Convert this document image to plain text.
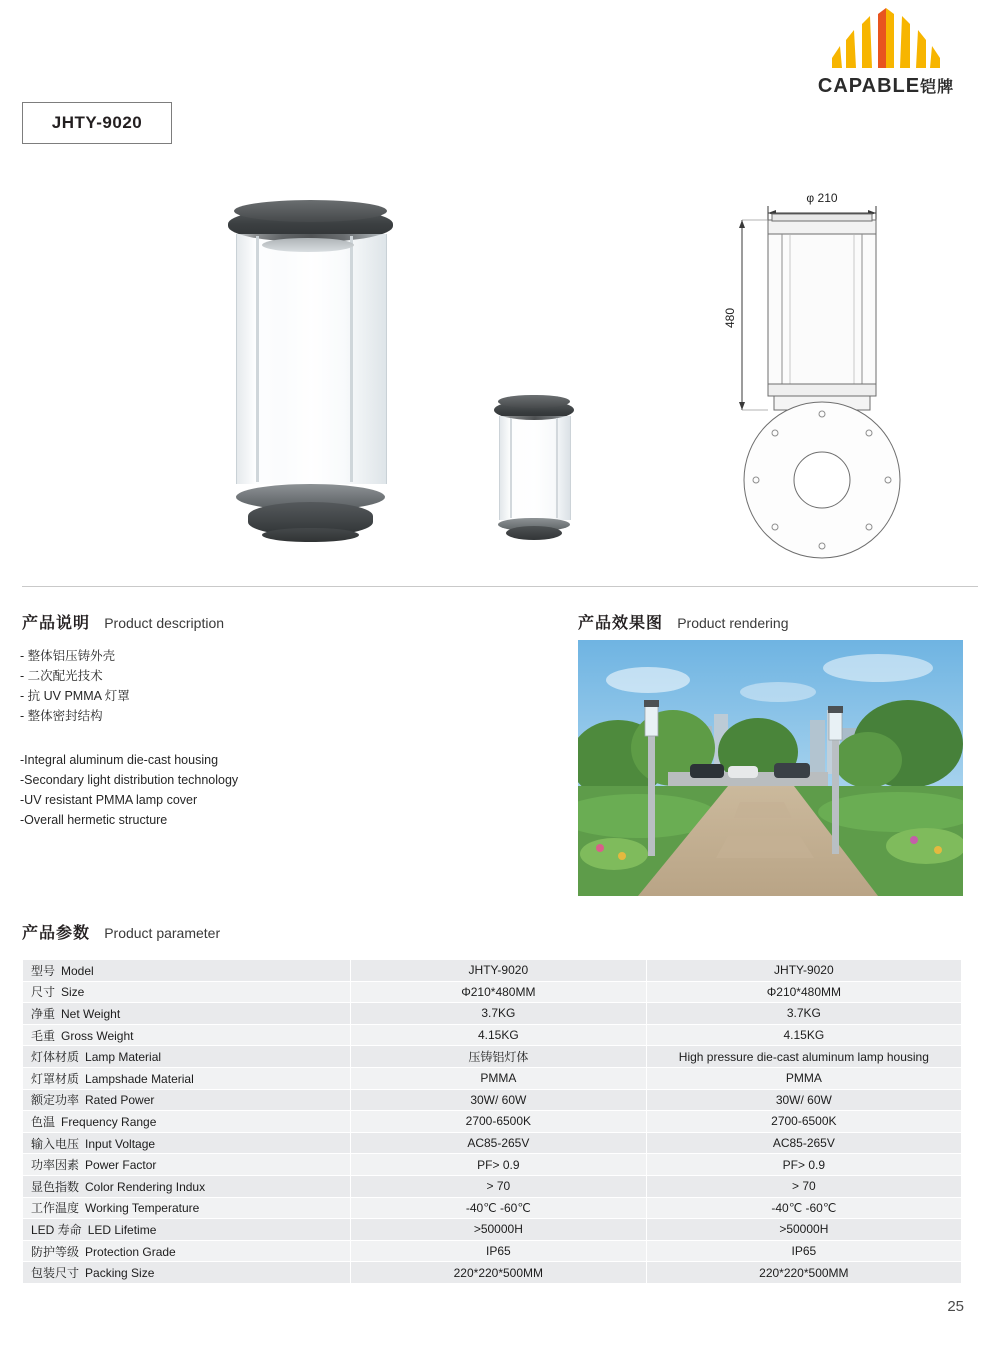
CAPABLE铠牌
JHTY-9020
φ 210
480
产品说明 Product description
- 整体铝压铸外壳
- 二次配光技术
- 抗 UV PMMA 灯罩
- 整体密封结构
-Integral aluminum die-cast housing
-Secondary light distribution technology
-UV resistant PMMA lamp cover
-Overall hermetic structure
产品效果图 Product rendering
产品参数 Product parameter
型号 Model	JHTY-9020	JHTY-9020
尺寸 Size	Φ210*480MM	Φ210*480MM
净重 Net Weight	3.7KG	3.7KG
毛重 Gross Weight	4.15KG	4.15KG
灯体材质 Lamp Material	压铸铝灯体	High pressure die-cast aluminum lamp housing
灯罩材质 Lampshade Material	PMMA	PMMA
额定功率 Rated Power	30W/ 60W	30W/ 60W
色温 Frequency Range	2700-6500K	2700-6500K
输入电压 Input Voltage	AC85-265V	AC85-265V
功率因素 Power Factor	PF> 0.9	PF> 0.9
显色指数 Color Rendering Indux	> 70	> 70
工作温度 Working Temperature	-40℃ -60℃	-40℃ -60℃
LED 寿命 LED Lifetime	>50000H	>50000H
防护等级 Protection Grade	IP65	IP65
包装尺寸 Packing Size	220*220*500MM	220*220*500MM
25
